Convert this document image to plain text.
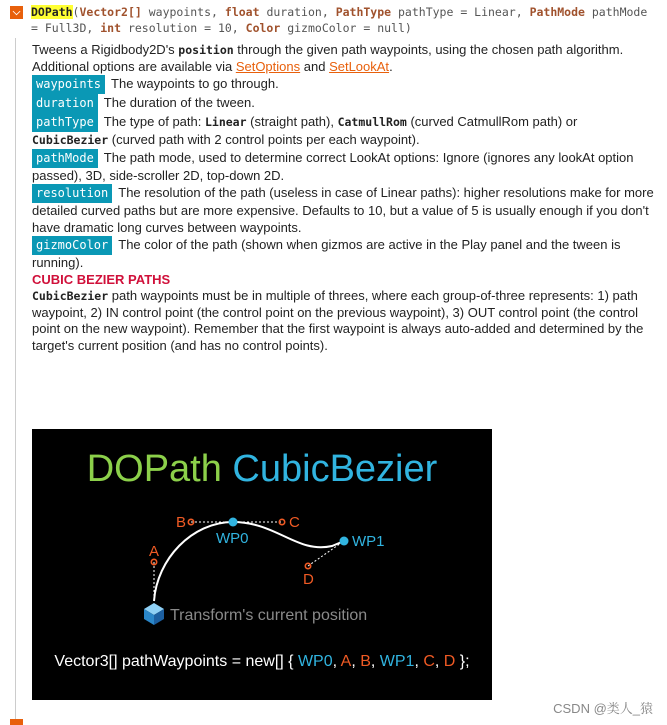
⌵ DOPath(Vector2[] waypoints, float duration, PathType pathType = Linear, PathMode pathMode = Full3D, int resolution = 10, Color gizmoColor = null)

Tweens a Rigidbody2D's position through the given path waypoints, using the chosen path algorithm.
Additional options are available via SetOptions and SetLookAt.

waypoints The waypoints to go through.

duration The duration of the tween.

pathType The type of path: Linear (straight path), CatmullRom (curved CatmullRom path) or CubicBezier (curved path with 2 control points per each waypoint).

pathMode The path mode, used to determine correct LookAt options: Ignore (ignores any lookAt option passed), 3D, side-scroller 2D, top-down 2D.

resolution The resolution of the path (useless in case of Linear paths): higher resolutions make for more detailed curved paths but are more expensive. Defaults to 10, but a value of 5 is usually enough if you don't have dramatic long curves between waypoints.

gizmoColor The color of the path (shown when gizmos are active in the Play panel and the tween is running).

CUBIC BEZIER PATHS

CubicBezier path waypoints must be in multiple of threes, where each group-of-three represents: 1) path waypoint, 2) IN control point (the control point on the previous waypoint), 3) OUT control point (the control point on the new waypoint). Remember that the first waypoint is always auto-added and determined by the target's current position (and has no control points).

DOPath CubicBezier
WP0	WP1
B	C
A
D
Transform's current position
Vector3[] pathWaypoints = new[] { WP0, A, B, WP1, C, D };
CSDN @类人_猿
